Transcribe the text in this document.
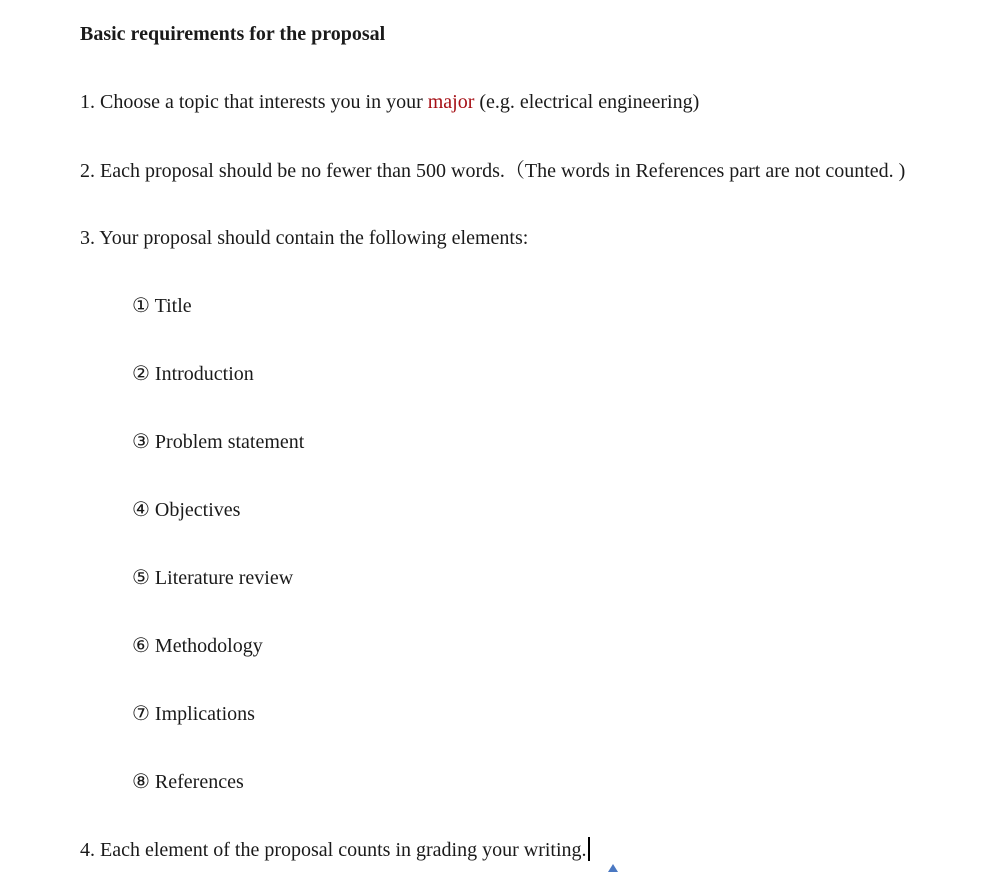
Basic requirements for the proposal
1. Choose a topic that interests you in your major (e.g. electrical engineering)
2. Each proposal should be no fewer than 500 words.（The words in References part are not counted. )
3. Your proposal should contain the following elements:
① Title
② Introduction
③ Problem statement
④ Objectives
⑤ Literature review
⑥ Methodology
⑦ Implications
⑧ References
4. Each element of the proposal counts in grading your writing.
